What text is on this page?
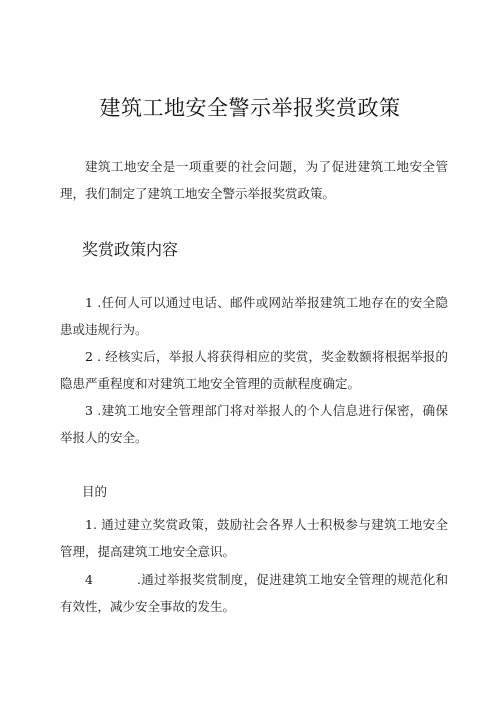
建筑工地安全警示举报奖赏政策
建筑工地安全是一项重要的社会问题，为了促进建筑工地安全管理，我们制定了建筑工地安全警示举报奖赏政策。
奖赏政策内容
1 .任何人可以通过电话、邮件或网站举报建筑工地存在的安全隐患或违规行为。
2 . 经核实后，举报人将获得相应的奖赏，奖金数额将根据举报的隐患严重程度和对建筑工地安全管理的贡献程度确定。
3 .建筑工地安全管理部门将对举报人的个人信息进行保密，确保举报人的安全。
目的
1. 通过建立奖赏政策，鼓励社会各界人士积极参与建筑工地安全管理，提高建筑工地安全意识。
4	.通过举报奖赏制度，促进建筑工地安全管理的规范化和有效性，减少安全事故的发生。
